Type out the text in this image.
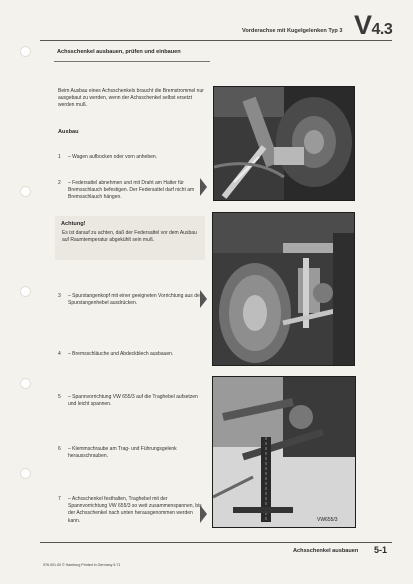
Vorderachse mit Kugelgelenken Typ 3 V4.3
Achsschenkel ausbauen, prüfen und einbauen
Beim Ausbau eines Achsschenkels braucht die Bremstrommel nur ausgebaut zu werden, wenn der Achsschenkel selbst ersetzt werden muß.
Ausbau
1	– Wagen aufbocken oder vorn anheben.
2	– Federsattel abnehmen und mit Draht am Halter für Bremsschlauch befestigen. Der Federsattel darf nicht am Bremsschlauch hängen.
Achtung!
Es ist darauf zu achten, daß der Federsattel vor dem Ausbau auf Raumtemperatur abgekühlt sein muß.
3	– Spurstangenkopf mit einer geeigneten Vorrichtung aus dem Spurstangenhebel ausdrücken.
4	– Bremsschläuche und Abdeckblech ausbauen.
5	– Spannvorrichtung VW 655/3 auf die Traghebel aufsetzen und leicht spannen.
6	– Klemmschraube am Trag- und Führungsgelenk herausschrauben.
7	– Achsschenkel festhalten, Traghebel mit der Spannvorrichtung VW 655/3 so weit zusammenspannen, bis der Achsschenkel nach unten herausgenommen werden kann.	VW655/3
Achsschenkel ausbauen 5-1
976.001.00 © Hamburg Printed in Germany 5.71
